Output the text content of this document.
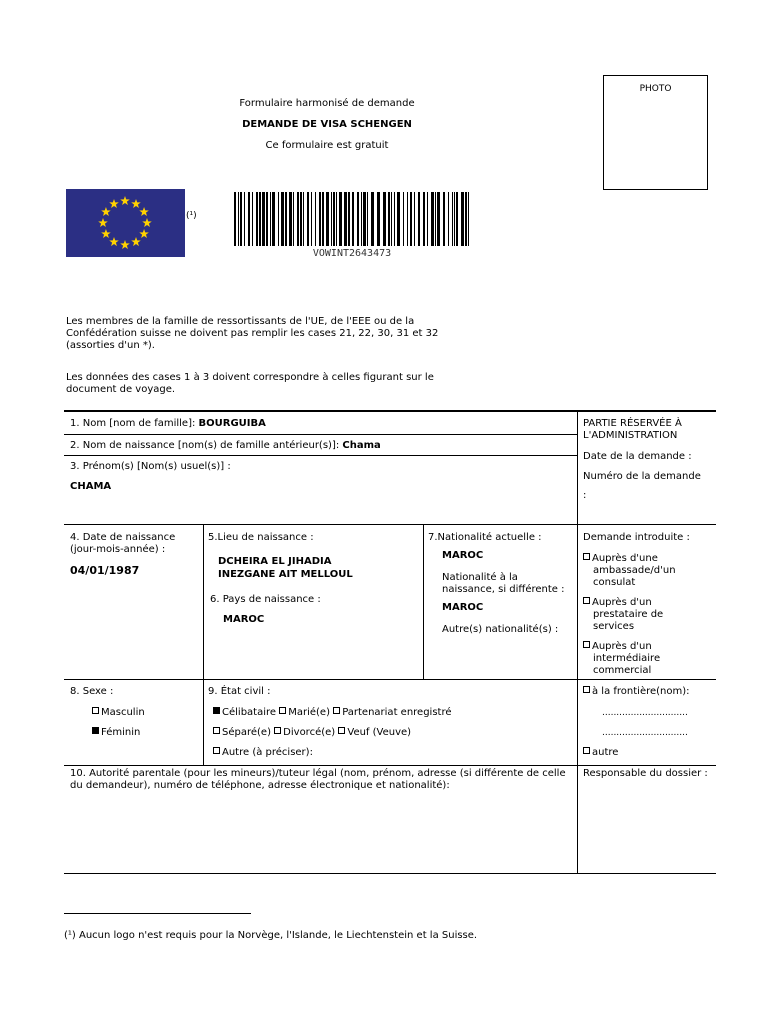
PHOTO
Formulaire harmonisé de demande
DEMANDE DE VISA SCHENGEN
Ce formulaire est gratuit
(¹)
VOWINT2643473
Les membres de la famille de ressortissants de l'UE, de l'EEE ou de la Confédération suisse ne doivent pas remplir les cases 21, 22, 30, 31 et 32 (assorties d'un *).
Les données des cases 1 à 3 doivent correspondre à celles figurant sur le document de voyage.
1. Nom [nom de famille]: BOURGUIBA
2. Nom de naissance [nom(s) de famille antérieur(s)]: Chama
3. Prénom(s) [Nom(s) usuel(s)] :
CHAMA
4. Date de naissance (jour-mois-année) :
04/01/1987
5.Lieu de naissance :
DCHEIRA EL JIHADIA
INEZGANE AIT MELLOUL
6. Pays de naissance :
MAROC
7.Nationalité actuelle :
MAROC
Nationalité à la naissance, si différente :
MAROC
Autre(s) nationalité(s) :
8. Sexe :
Masculin
Féminin
9. État civil :
Célibataire Marié(e) Partenariat enregistré
Séparé(e) Divorcé(e) Veuf (Veuve)
Autre (à préciser):
10. Autorité parentale (pour les mineurs)/tuteur légal (nom, prénom, adresse (si différente de celle du demandeur), numéro de téléphone, adresse électronique et nationalité):
PARTIE RÉSERVÉE À L'ADMINISTRATION
Date de la demande :
Numéro de la demande
:
Demande introduite :
Auprès d'une ambassade/d'un consulat
Auprès d'un prestataire de services
Auprès d'un intermédiaire commercial
à la frontière(nom):
..............................
..............................
autre
Responsable du dossier :
(¹) Aucun logo n'est requis pour la Norvège, l'Islande, le Liechtenstein et la Suisse.
